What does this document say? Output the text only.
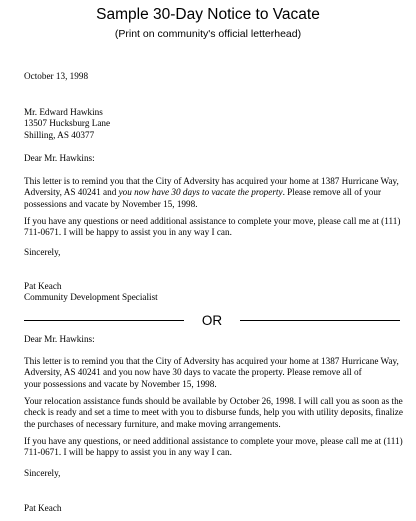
Sample 30-Day Notice to Vacate
(Print on community's official letterhead)
October 13, 1998
Mr. Edward Hawkins
13507 Hucksburg Lane
Shilling, AS 40377
Dear Mr. Hawkins:
This letter is to remind you that the City of Adversity has acquired your home at 1387 Hurricane Way,
Adversity, AS 40241 and you now have 30 days to vacate the property. Please remove all of your
possessions and vacate by November 15, 1998.
If you have any questions or need additional assistance to complete your move, please call me at (111)
711-0671. I will be happy to assist you in any way I can.
Sincerely,
Pat Keach
Community Development Specialist
OR
Dear Mr. Hawkins:
This letter is to remind you that the City of Adversity has acquired your home at 1387 Hurricane Way,
Adversity, AS 40241 and you now have 30 days to vacate the property. Please remove all of
your possessions and vacate by November 15, 1998.
Your relocation assistance funds should be available by October 26, 1998. I will call you as soon as the
check is ready and set a time to meet with you to disburse funds, help you with utility deposits, finalize
the purchases of necessary furniture, and make moving arrangements.
If you have any questions, or need additional assistance to complete your move, please call me at (111)
711-0671. I will be happy to assist you in any way I can.
Sincerely,
Pat Keach
